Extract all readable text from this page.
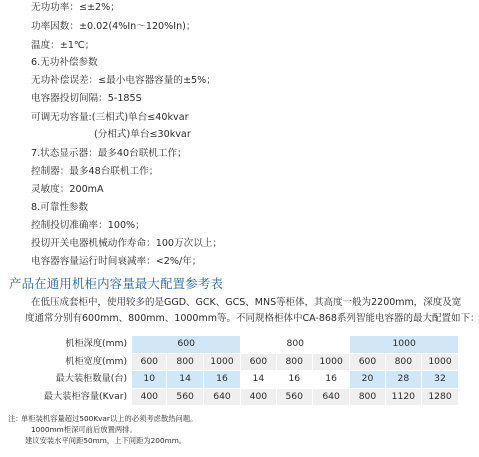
无功功率：≤±2%；
功率因数：±0.02(4%In～120%In)；
温度：±1℃；
6.无功补偿参数
无功补偿误差：≤最小电容器容量的±5%；
电容器投切间隔：5-185S
可调无功容量:(三相式)单台≤40kvar
(分相式)单台≤30kvar
7.状态显示器：最多40台联机工作；
控制器：最多48台联机工作；
灵敏度：200mA
8.可靠性参数
控制投切准确率：100%；
投切开关电器机械动作寿命：100万次以上；
电容器容量运行时间衰减率：<2%/年；
产品在通用机柜内容量最大配置参考表
在低压成套柜中，使用较多的是GGD、GCK、GCS、MNS等柜体，其高度一般为2200mm，深度及宽
度通常分别有600mm、800mm、1000mm等。不同规格柜体中CA-868系列智能电容器的最大配置如下：
机柜深度(mm)	600			800			1000		
机柜宽度(mm)	600	800	1000	600	800	1000	600	800	1000
最大装柜数量(台)	10	14	16	14	16	16	20	28	32
最大装柜容量(Kvar)	400	560	640	400	560	640	800	1120	1280
注：
单柜装机容量超过500Kvar以上的必须考虑散热问题。
1000mm柜深可前后放置两排。
建议安装水平间距50mm，上下间距为200mm。
